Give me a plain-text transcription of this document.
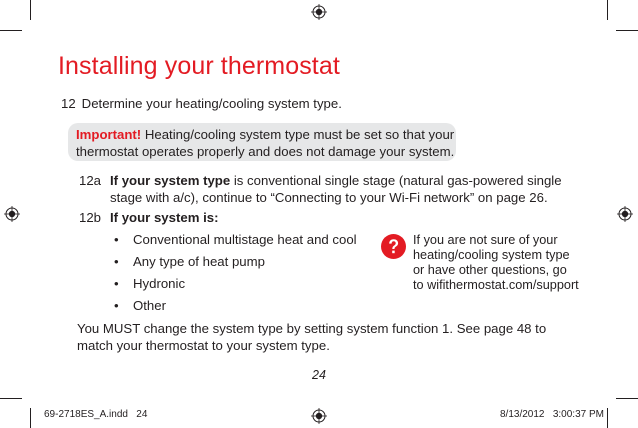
Installing your thermostat
12 Determine your heating/cooling system type.
Important! Heating/cooling system type must be set so that your
thermostat operates properly and does not damage your system.
12a If your system type is conventional single stage (natural gas-powered single
stage with a/c), continue to “Connecting to your Wi-Fi network” on page 26.
12b If your system is:
• Conventional multistage heat and cool
• Any type of heat pump
• Hydronic
• Other
If you are not sure of your
heating/cooling system type
or have other questions, go
to wifithermostat.com/support
You MUST change the system type by setting system function 1. See page 48 to
match your thermostat to your system type.
24
69-2718ES_A.indd   24	8/13/2012   3:00:37 PM
